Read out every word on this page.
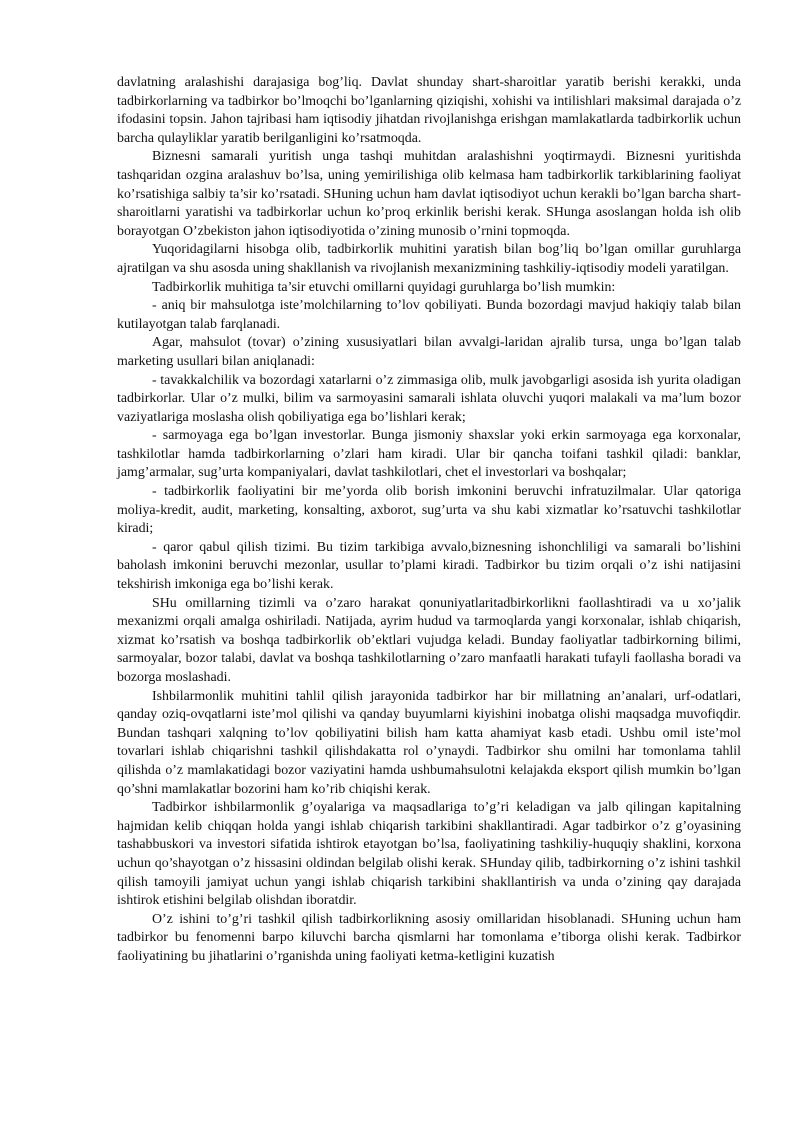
davlatning aralashishi darajasiga bog’liq. Davlat shunday shart-sharoitlar yaratib berishi kerakki, unda tadbirkorlarning va tadbirkor bo’lmoqchi bo’lganlarning qiziqishi, xohishi va intilishlari maksimal darajada o’z ifodasini topsin. Jahon tajribasi ham iqtisodiy jihatdan rivojlanishga erishgan mamlakatlarda tadbirkorlik uchun barcha qulayliklar yaratib berilganligini ko’rsatmoqda.

Biznesni samarali yuritish unga tashqi muhitdan aralashishni yoqtirmaydi. Biznesni yuritishda tashqaridan ozgina aralashuv bo’lsa, uning yemirilishiga olib kelmasa ham tadbirkorlik tarkiblarining faoliyat ko’rsatishiga salbiy ta’sir ko’rsatadi. SHuning uchun ham davlat iqtisodiyot uchun kerakli bo’lgan barcha shart-sharoitlarni yaratishi va tadbirkorlar uchun ko’proq erkinlik berishi kerak. SHunga asoslangan holda ish olib borayotgan O’zbekiston jahon iqtisodiyotida o’zining munosib o’rnini topmoqda.

Yuqoridagilarni hisobga olib, tadbirkorlik muhitini yaratish bilan bog’liq bo’lgan omillar guruhlarga ajratilgan va shu asosda uning shakllanish va rivojlanish mexanizmining tashkiliy-iqtisodiy modeli yaratilgan.

Tadbirkorlik muhitiga ta’sir etuvchi omillarni quyidagi guruhlarga bo’lish mumkin:

- aniq bir mahsulotga iste’molchilarning to’lov qobiliyati. Bunda bozordagi mavjud hakiqiy talab bilan kutilayotgan talab farqlanadi.

Agar, mahsulot (tovar) o’zining xususiyatlari bilan avvalgi-laridan ajralib tursa, unga bo’lgan talab marketing usullari bilan aniqlanadi:

- tavakkalchilik va bozordagi xatarlarni o’z zimmasiga olib, mulk javobgarligi asosida ish yurita oladigan tadbirkorlar. Ular o’z mulki, bilim va sarmoyasini samarali ishlata oluvchi yuqori malakali va ma’lum bozor vaziyatlariga moslasha olish qobiliyatiga ega bo’lishlari kerak;

- sarmoyaga ega bo’lgan investorlar. Bunga jismoniy shaxslar yoki erkin sarmoyaga ega korxonalar, tashkilotlar hamda tadbirkorlarning o’zlari ham kiradi. Ular bir qancha toifani tashkil qiladi: banklar, jamg’armalar, sug’urta kompaniyalari, davlat tashkilotlari, chet el investorlari va boshqalar;

- tadbirkorlik faoliyatini bir me’yorda olib borish imkonini beruvchi infratuzilmalar. Ular qatoriga moliya-kredit, audit, marketing, konsalting, axborot, sug’urta va shu kabi xizmatlar ko’rsatuvchi tashkilotlar kiradi;

- qaror qabul qilish tizimi. Bu tizim tarkibiga avvalo,biznesning ishonchliligi va samarali bo’lishini baholash imkonini beruvchi mezonlar, usullar to’plami kiradi. Tadbirkor bu tizim orqali o’z ishi natijasini tekshirish imkoniga ega bo’lishi kerak.

SHu omillarning tizimli va o’zaro harakat qonuniyatlaritadbirkorlikni faollashtiradi va u xo’jalik mexanizmi orqali amalga oshiriladi. Natijada, ayrim hudud va tarmoqlarda yangi korxonalar, ishlab chiqarish, xizmat ko’rsatish va boshqa tadbirkorlik ob’ektlari vujudga keladi. Bunday faoliyatlar tadbirkorning bilimi, sarmoyalar, bozor talabi, davlat va boshqa tashkilotlarning o’zaro manfaatli harakati tufayli faollasha boradi va bozorga moslashadi.

Ishbilarmonlik muhitini tahlil qilish jarayonida tadbirkor har bir millatning an’analari, urf-odatlari, qanday oziq-ovqatlarni iste’mol qilishi va qanday buyumlarni kiyishini inobatga olishi maqsadga muvofiqdir. Bundan tashqari xalqning to’lov qobiliyatini bilish ham katta ahamiyat kasb etadi. Ushbu omil iste’mol tovarlari ishlab chiqarishni tashkil qilishdakatta rol o’ynaydi. Tadbirkor shu omilni har tomonlama tahlil qilishda o’z mamlakatidagi bozor vaziyatini hamda ushbumahsulotni kelajakda eksport qilish mumkin bo’lgan qo’shni mamlakatlar bozorini ham ko’rib chiqishi kerak.

Tadbirkor ishbilarmonlik g’oyalariga va maqsadlariga to’g’ri keladigan va jalb qilingan kapitalning hajmidan kelib chiqqan holda yangi ishlab chiqarish tarkibini shakllantiradi. Agar tadbirkor o’z g’oyasining tashabbuskori va investori sifatida ishtirok etayotgan bo’lsa, faoliyatining tashkiliy-huquqiy shaklini, korxona uchun qo’shayotgan o’z hissasini oldindan belgilab olishi kerak. SHunday qilib, tadbirkorning o’z ishini tashkil qilish tamoyili jamiyat uchun yangi ishlab chiqarish tarkibini shakllantirish va unda o’zining qay darajada ishtirok etishini belgilab olishdan iboratdir.

O’z ishini to’g’ri tashkil qilish tadbirkorlikning asosiy omillaridan hisoblanadi. SHuning uchun ham tadbirkor bu fenomenni barpo kiluvchi barcha qismlarni har tomonlama e’tiborga olishi kerak. Tadbirkor faoliyatining bu jihatlarini o’rganishda uning faoliyati ketma-ketligini kuzatish
